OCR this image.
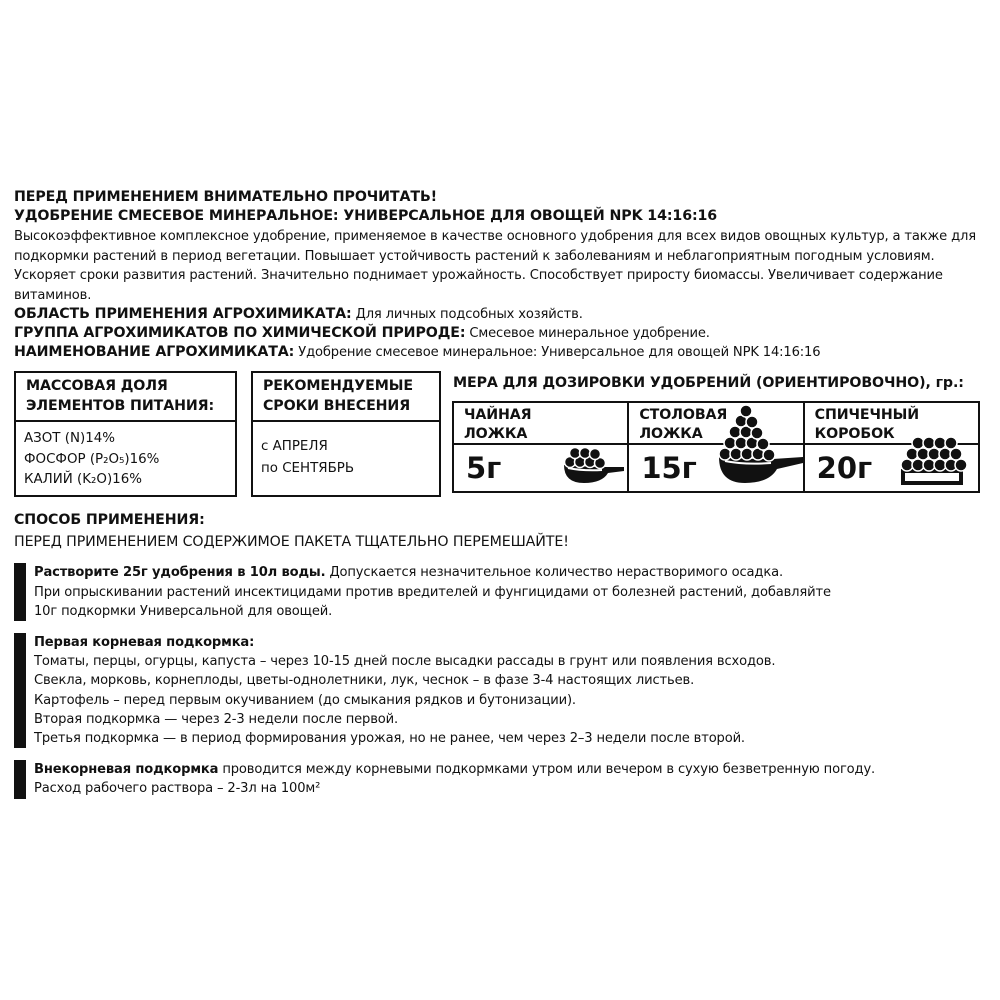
ПЕРЕД ПРИМЕНЕНИЕМ ВНИМАТЕЛЬНО ПРОЧИТАТЬ!
УДОБРЕНИЕ СМЕСЕВОЕ МИНЕРАЛЬНОЕ: УНИВЕРСАЛЬНОЕ ДЛЯ ОВОЩЕЙ NPK 14:16:16
Высокоэффективное комплексное удобрение, применяемое в качестве основного удобрения для всех видов овощных культур, а также для подкормки растений в период вегетации. Повышает устойчивость растений к заболеваниям и неблагоприятным погодным условиям. Ускоряет сроки развития растений. Значительно поднимает урожайность. Способствует приросту биомассы. Увеличивает содержание витаминов.
ОБЛАСТЬ ПРИМЕНЕНИЯ АГРОХИМИКАТА: Для личных подсобных хозяйств.
ГРУППА АГРОХИМИКАТОВ ПО ХИМИЧЕСКОЙ ПРИРОДЕ: Смесевое минеральное удобрение.
НАИМЕНОВАНИЕ АГРОХИМИКАТА: Удобрение смесевое минеральное: Универсальное для овощей NPK 14:16:16
МАССОВАЯ ДОЛЯ
ЭЛЕМЕНТОВ ПИТАНИЯ:
АЗОТ (N)14%
ФОСФОР (P₂O₅)16%
КАЛИЙ (K₂O)16%
РЕКОМЕНДУЕМЫЕ
СРОКИ ВНЕСЕНИЯ
с АПРЕЛЯ
по СЕНТЯБРЬ
МЕРА ДЛЯ ДОЗИРОВКИ УДОБРЕНИЙ (ОРИЕНТИРОВОЧНО), гр.:
ЧАЙНАЯ
ЛОЖКА
5г
СТОЛОВАЯ
ЛОЖКА
15г
СПИЧЕЧНЫЙ
КОРОБОК
20г
СПОСОБ ПРИМЕНЕНИЯ:
ПЕРЕД ПРИМЕНЕНИЕМ СОДЕРЖИМОЕ ПАКЕТА ТЩАТЕЛЬНО ПЕРЕМЕШАЙТЕ!
Растворите 25г удобрения в 10л воды. Допускается незначительное количество нерастворимого осадка.
При опрыскивании растений инсектицидами против вредителей и фунгицидами от болезней растений, добавляйте
10г подкормки Универсальной для овощей.
Первая корневая подкормка:
Томаты, перцы, огурцы, капуста – через 10-15 дней после высадки рассады в грунт или появления всходов.
Свекла, морковь, корнеплоды, цветы-однолетники, лук, чеснок – в фазе 3-4 настоящих листьев.
Картофель – перед первым окучиванием (до смыкания рядков и бутонизации).
Вторая подкормка — через 2-3 недели после первой.
Третья подкормка — в период формирования урожая, но не ранее, чем через 2–3 недели после второй.
Внекорневая подкормка проводится между корневыми подкормками утром или вечером в сухую безветренную погоду.
Расход рабочего раствора – 2-3л на 100м²
